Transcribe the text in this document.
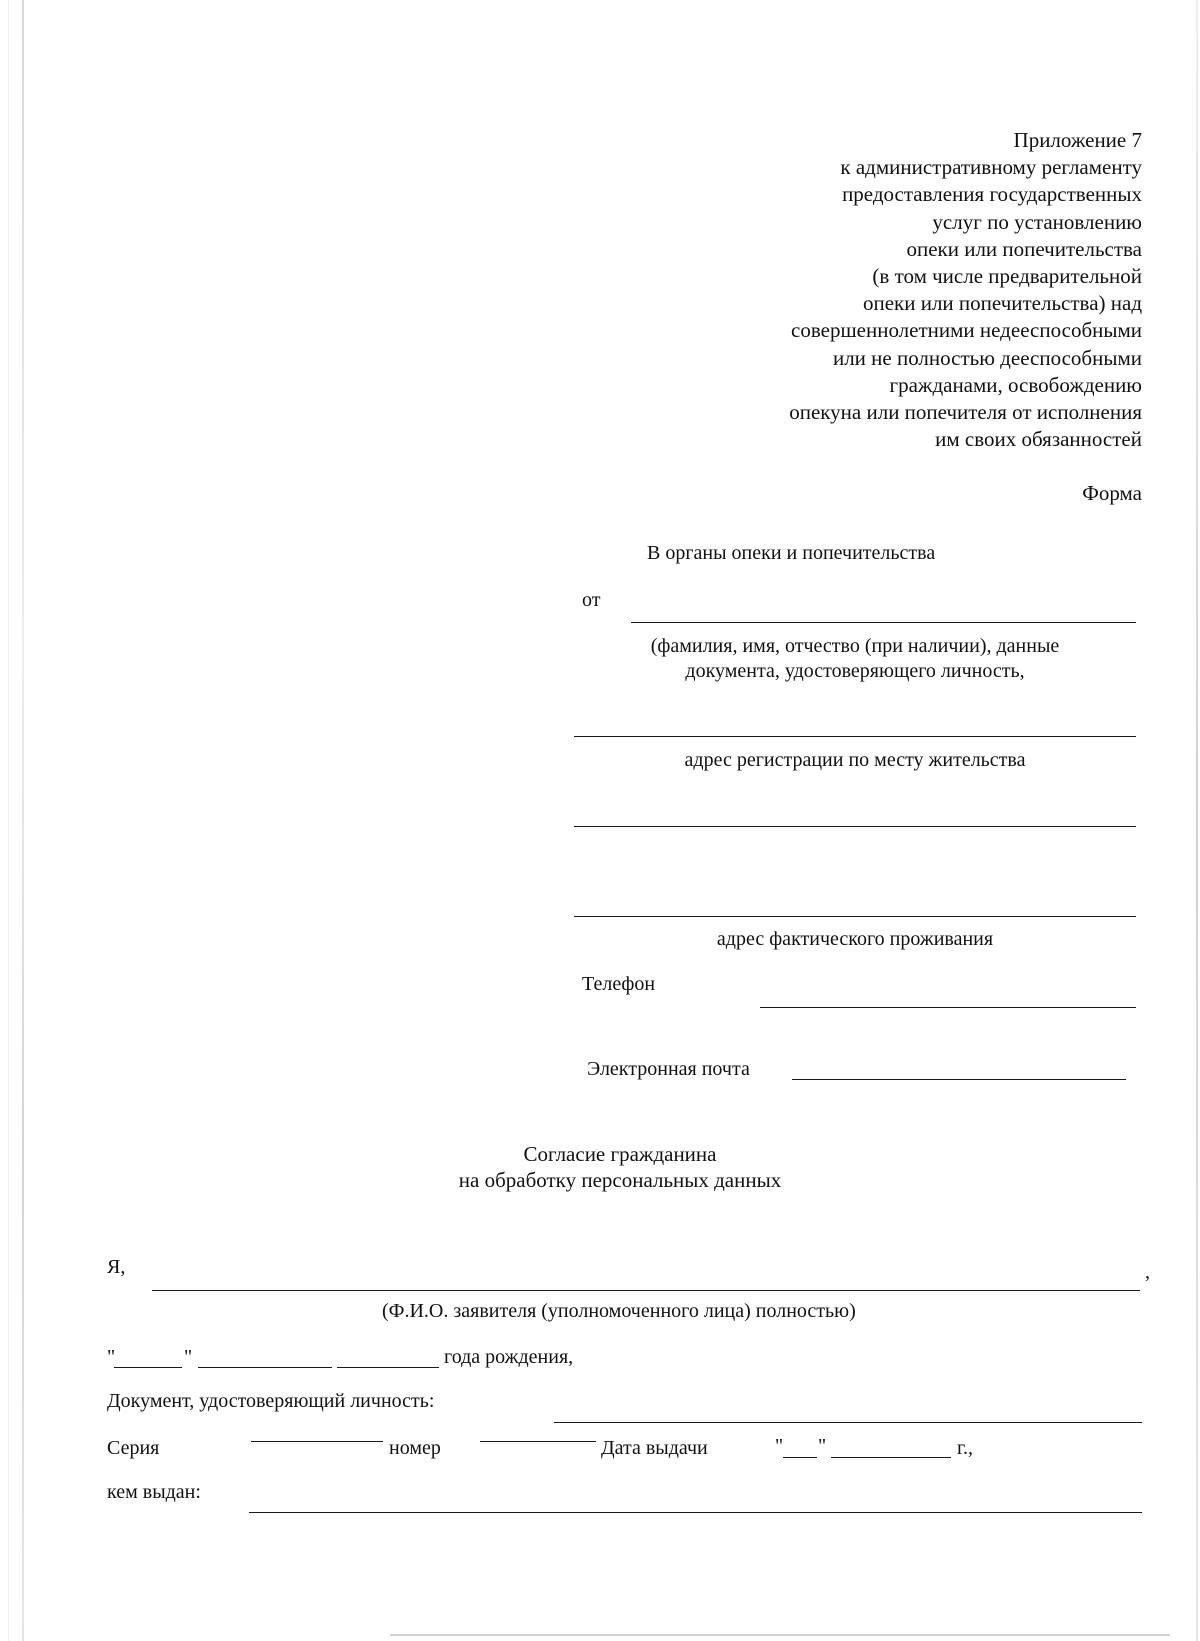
Приложение 7
к административному регламенту
предоставления государственных
услуг по установлению
опеки или попечительства
(в том числе предварительной
опеки или попечительства) над
совершеннолетними недееспособными
или не полностью дееспособными
гражданами, освобождению
опекуна или попечителя от исполнения
им своих обязанностей
Форма
В органы опеки и попечительства
от
(фамилия, имя, отчество (при наличии), данные
документа, удостоверяющего личность,
адрес регистрации по месту жительства
адрес фактического проживания
Телефон
Электронная почта
Согласие гражданина
на обработку персональных данных
Я,	,
(Ф.И.О. заявителя (уполномоченного лица) полностью)
"	"	года рождения,
Документ, удостоверяющий личность:
Серия	номер	Дата выдачи	" "	г.,
кем выдан:
